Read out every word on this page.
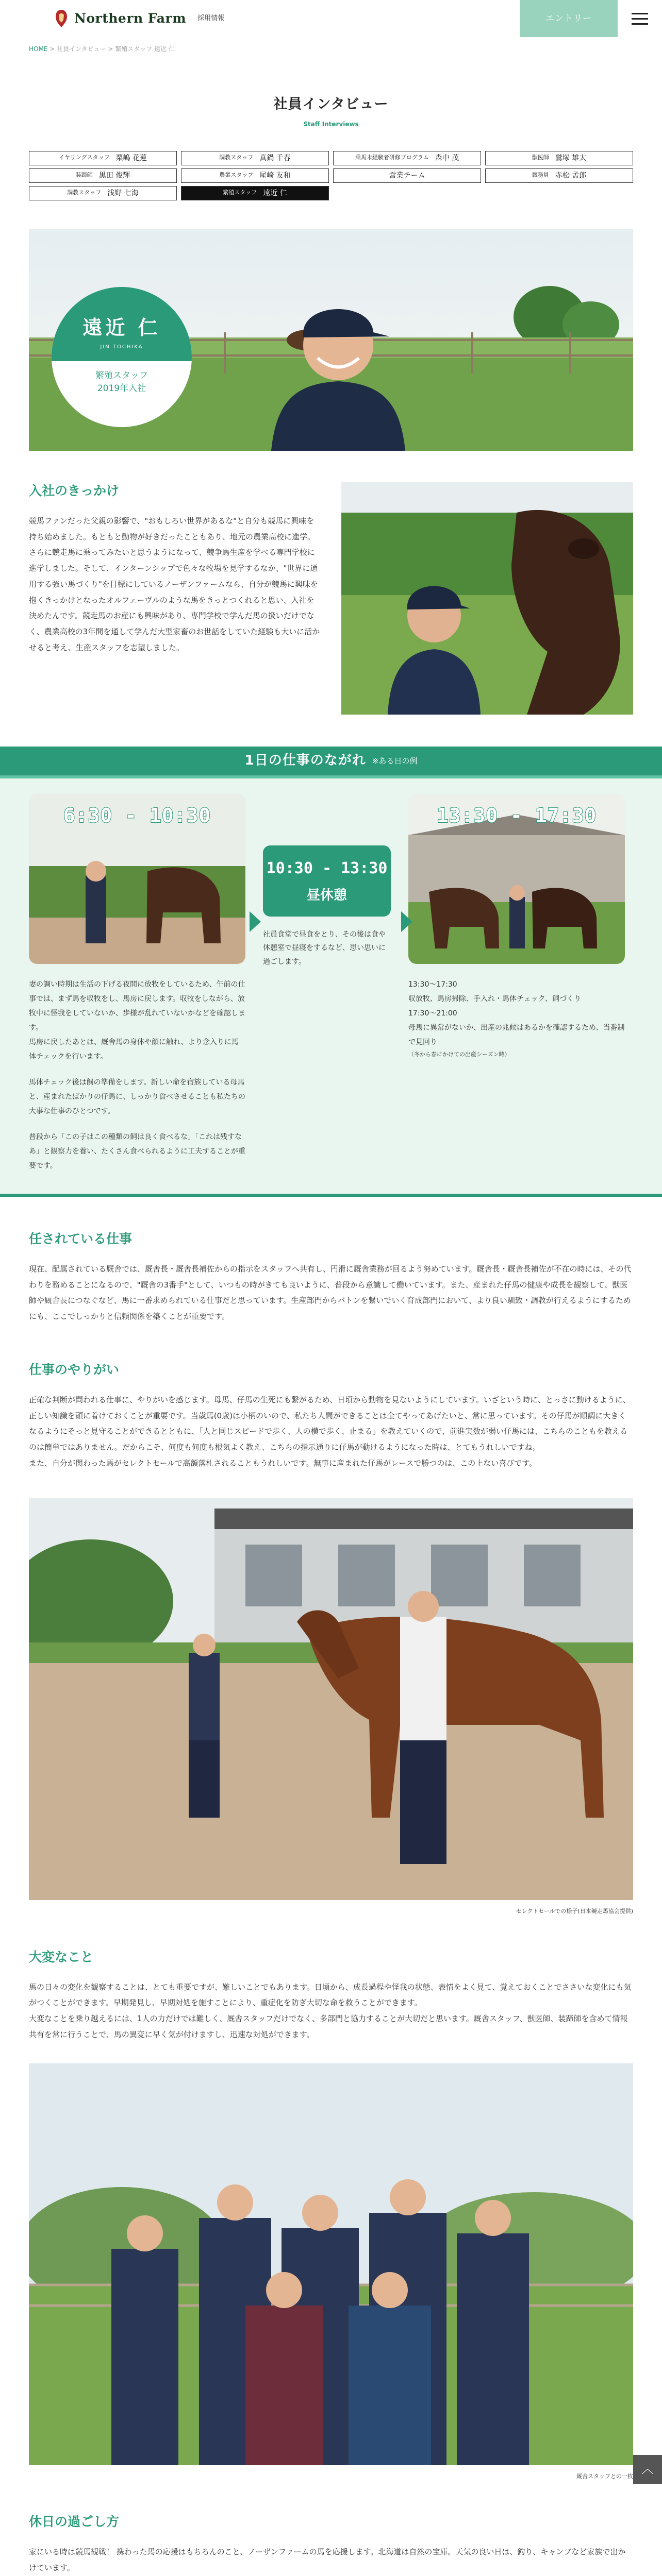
Northern Farm 採用情報	エントリー
HOME > 社員インタビュー > 繁殖スタッフ 遠近 仁
社員インタビュー
Staff Interviews
イヤリングスタッフ 栗嶋 花蓮	調教スタッフ 真鍋 千春	乗馬未経験者研修プログラム 森中 茂	獣医師 鷲塚 雄太
装蹄師 黒田 俊輝	農業スタッフ 尾崎 友和	営業チーム	厩務員 赤松 孟郎
調教スタッフ 浅野 七海	繁殖スタッフ 遠近 仁
遠近 仁
JIN TOCHIKA
繁殖スタッフ
2019年入社
入社のきっかけ

競馬ファンだった父親の影響で、"おもしろい世界があるな"と自分も競馬に興味を持ち始めました。もともと動物が好きだったこともあり、地元の農業高校に進学。さらに競走馬に乗ってみたいと思うようになって、競争馬生産を学べる専門学校に進学しました。そして、インターンシップで色々な牧場を見学するなか、"世界に通用する強い馬づくり"を目標にしているノーザンファームなら、自分が競馬に興味を抱くきっかけとなったオルフェーヴルのような馬をきっとつくれると思い、入社を決めたんです。競走馬のお産にも興味があり、専門学校で学んだ馬の扱いだけでなく、農業高校の3年間を通して学んだ大型家畜のお世話をしていた経験も大いに活かせると考え、生産スタッフを志望しました。

1日の仕事のながれ ※ある日の例
6:30 - 10:30
妻の調い時期は生活の下げる夜間に放牧をしているため、午前の仕事では、まず馬を収牧をし、馬房に戻します。収牧をしながら、放牧中に怪我をしていないか、歩様が乱れていないかなどを確認します。
馬房に戻したあとは、厩舎馬の身体や顔に触れ、より念入りに馬体チェックを行います。
馬体チェック後は飼の準備をします。新しい命を宿族している母馬と、産まれたばかりの仔馬に、しっかり食べさせることも私たちの大事な仕事のひとつです。
普段から「この子はこの種類の飼は良く食べるな」「これは残すなあ」と観察力を養い、たくさん食べられるように工夫することが重要です。
10:30 - 13:30
昼休憩
社員食堂で昼食をとり、その後は食や休憩室で昼寝をするなど、思い思いに過ごします。
13:30 - 17:30
13:30〜17:30
収放牧、馬房掃除、手入れ・馬体チェック、飼づくり
17:30〜21:00
母馬に異常がないか、出産の兆候はあるかを確認するため、当番制で見回り
（冬から春にかけての出産シーズン時）
任されている仕事

現在、配属されている厩舎では、厩舎長・厩舎長補佐からの指示をスタッフへ共有し、円滑に厩舎業務が回るよう努めています。厩舎長・厩舎長補佐が不在の時には、その代わりを務めることになるので、"厩舎の3番手"として、いつもの時がきても良いように、普段から意識して働いています。また、産まれた仔馬の健康や成長を観察して、獣医師や厩舎長につなぐなど、馬に一番求められている仕事だと思っています。生産部門からバトンを繋いでいく育成部門において、より良い馴致・調教が行えるようにするためにも、ここでしっかりと信頼関係を築くことが重要です。

仕事のやりがい

正確な判断が問われる仕事に、やりがいを感じます。母馬、仔馬の生死にも繋がるため、日頃から動物を見ないようにしています。いざという時に、とっさに動けるように、正しい知識を頭に着けておくことが重要です。当歳馬(0歳)は小柄のいので、私たち人間ができることは全てやってあげたいと、常に思っています。その仔馬が順調に大きくなるようにそっと見守ることができるとともに、「人と同じスピードで歩く、人の横で歩く、止まる」を教えていくので、前進実数が弱い仔馬には、こちらのこともを教えるのは簡単ではありません。だからこそ、何度も何度も根気よく教え、こちらの指示通りに仔馬が動けるようになった時は、とてもうれしいですね。

また、自分が関わった馬がセレクトセールで高額落札されることもうれしいです。無事に産まれた仔馬がレースで勝つのは、この上ない喜びです。

セレクトセールでの様子(日本競走馬協会提供)
大変なこと

馬の日々の変化を観察することは、とても重要ですが、難しいことでもあります。日頃から、成長過程や怪我の状態、表情をよく見て、覚えておくことでささいな変化にも気がつくことができます。早期発見し、早期対処を施すことにより、重症化を防ぎ大切な命を救うことができます。

大変なことを乗り越えるには、1人の力だけでは難しく、厩舎スタッフだけでなく、多部門と協力することが大切だと思います。厩舎スタッフ、獣医師、装蹄師を含めて情報共有を常に行うことで、馬の異変に早く気が付けますし、迅速な対処ができます。

厩舎スタッフとの一枚
休日の過ごし方

家にいる時は競馬観戦！ 携わった馬の応援はもちろんのこと、ノーザンファームの馬を応援します。北海道は自然の宝庫。天気の良い日は、釣り、キャンプなど家族で出かけています。

︿
